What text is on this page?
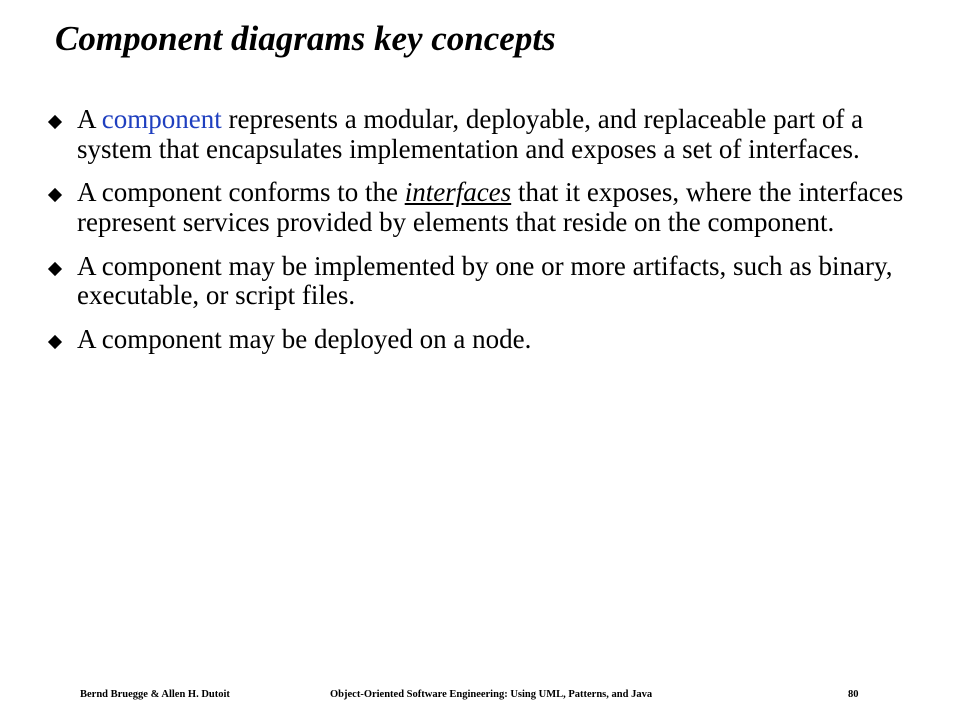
Component diagrams key concepts
A component represents a modular, deployable, and replaceable part of a system that encapsulates implementation and exposes a set of interfaces.
A component conforms to the interfaces that it exposes, where the interfaces represent services provided by elements that reside on the component.
A component may be implemented by one or more artifacts, such as binary, executable, or script files.
A component may be deployed on a node.
Bernd Bruegge & Allen H. Dutoit	Object-Oriented Software Engineering: Using UML, Patterns, and Java	80
